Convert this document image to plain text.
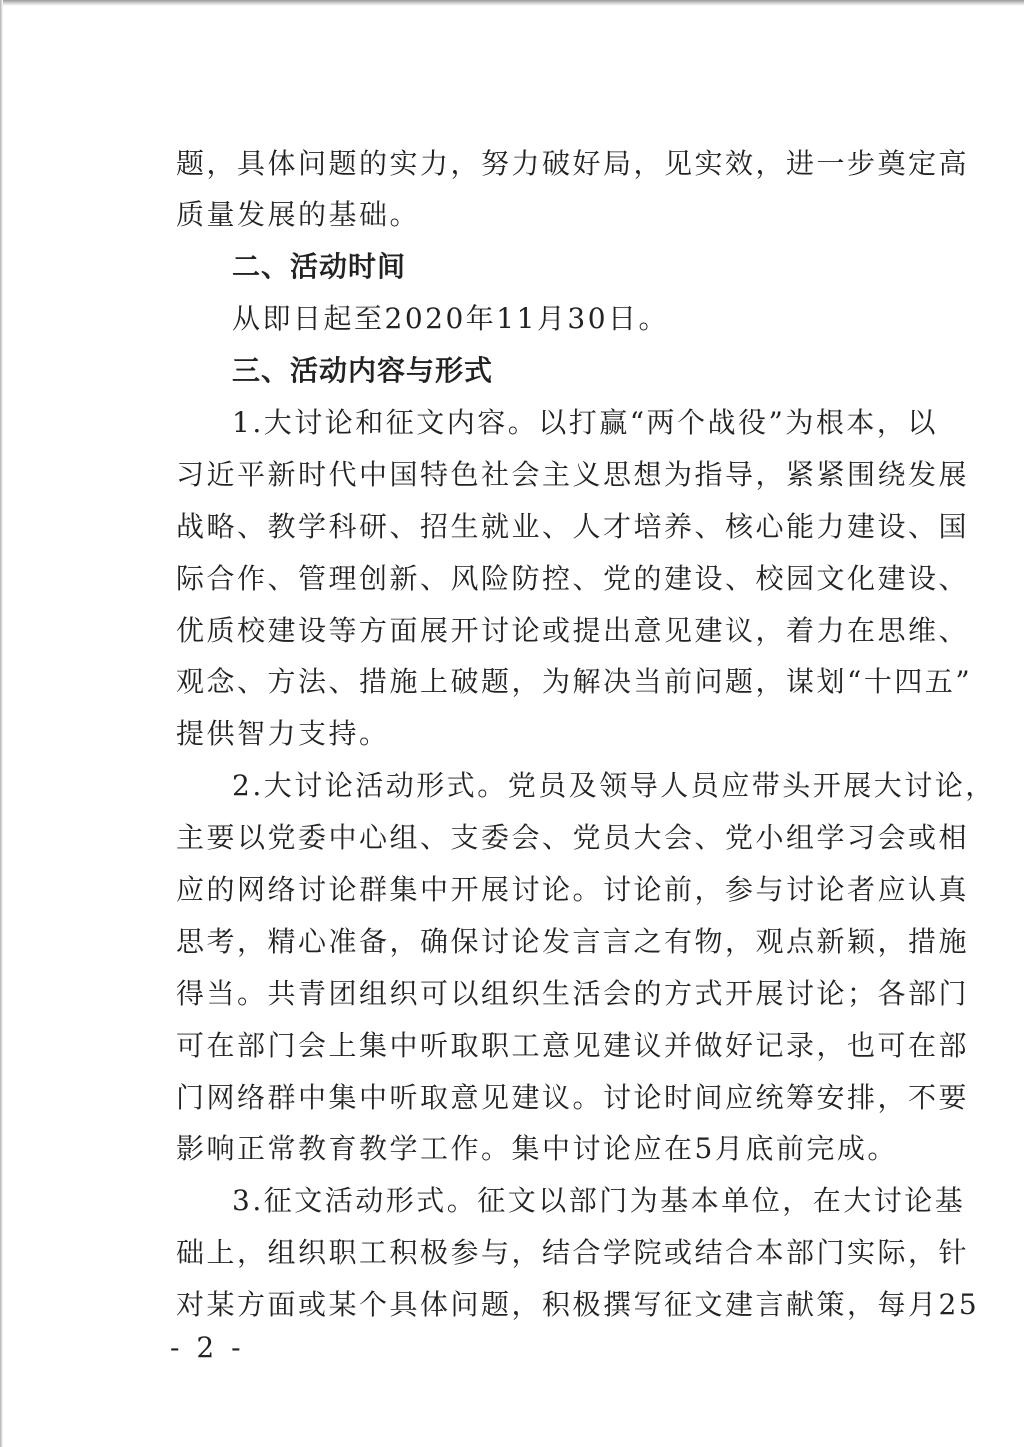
题，具体问题的实力，努力破好局，见实效，进一步奠定高
质量发展的基础。
二、活动时间
从即日起至2020年11月30日。
三、活动内容与形式
1.大讨论和征文内容。以打赢“两个战役”为根本，以
习近平新时代中国特色社会主义思想为指导，紧紧围绕发展
战略、教学科研、招生就业、人才培养、核心能力建设、国
际合作、管理创新、风险防控、党的建设、校园文化建设、
优质校建设等方面展开讨论或提出意见建议，着力在思维、
观念、方法、措施上破题，为解决当前问题，谋划“十四五”
提供智力支持。
2.大讨论活动形式。党员及领导人员应带头开展大讨论，
主要以党委中心组、支委会、党员大会、党小组学习会或相
应的网络讨论群集中开展讨论。讨论前，参与讨论者应认真
思考，精心准备，确保讨论发言言之有物，观点新颖，措施
得当。共青团组织可以组织生活会的方式开展讨论；各部门
可在部门会上集中听取职工意见建议并做好记录，也可在部
门网络群中集中听取意见建议。讨论时间应统筹安排，不要
影响正常教育教学工作。集中讨论应在5月底前完成。
3.征文活动形式。征文以部门为基本单位，在大讨论基
础上，组织职工积极参与，结合学院或结合本部门实际，针
对某方面或某个具体问题，积极撰写征文建言献策，每月25
- 2 -
